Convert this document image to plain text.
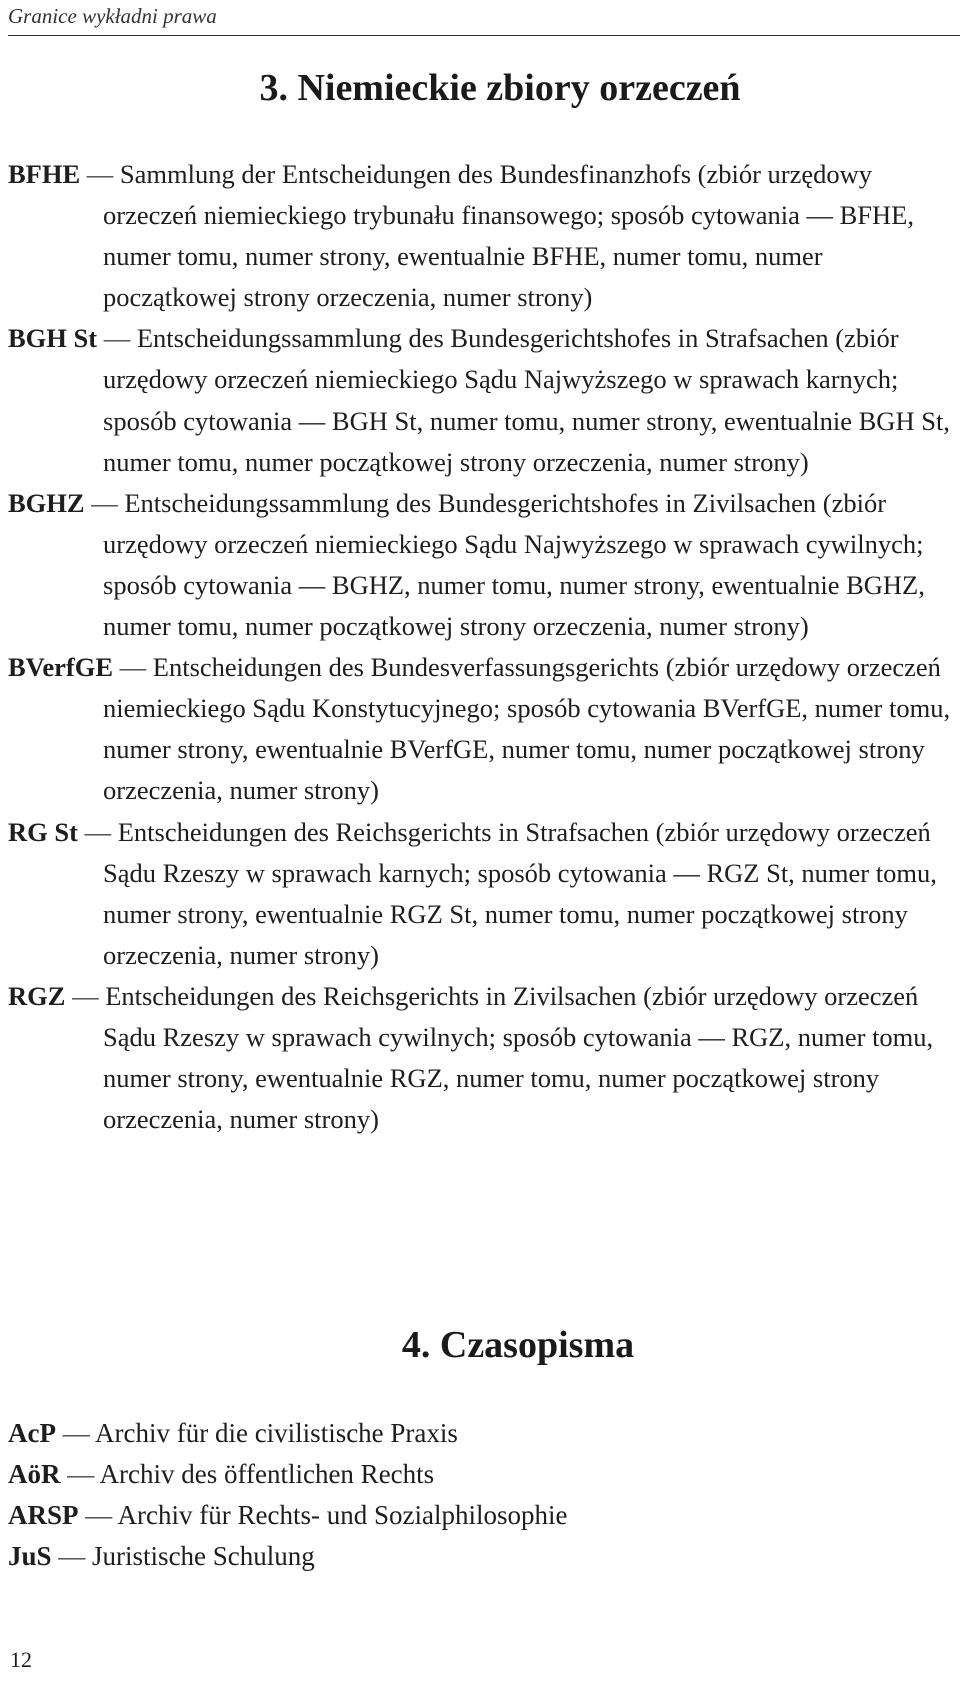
Granice wykładni prawa
3. Niemieckie zbiory orzeczeń

BFHE — Sammlung der Entscheidungen des Bundesfinanzhofs (zbiór urzędowy orzeczeń niemieckiego trybunału finansowego; sposób cytowania — BFHE, numer tomu, numer strony, ewentualnie BFHE, numer tomu, numer początkowej strony orzeczenia, numer strony)

BGH St — Entscheidungssammlung des Bundesgerichtshofes in Strafsachen (zbiór urzędowy orzeczeń niemieckiego Sądu Najwyższego w sprawach karnych; sposób cytowania — BGH St, numer tomu, numer strony, ewentualnie BGH St, numer tomu, numer początkowej strony orzeczenia, numer strony)

BGHZ — Entscheidungssammlung des Bundesgerichtshofes in Zivilsachen (zbiór urzędowy orzeczeń niemieckiego Sądu Najwyższego w sprawach cywilnych; sposób cytowania — BGHZ, numer tomu, numer strony, ewentualnie BGHZ, numer tomu, numer początkowej strony orzeczenia, numer strony)

BVerfGE — Entscheidungen des Bundesverfassungsgerichts (zbiór urzędowy orzeczeń niemieckiego Sądu Konstytucyjnego; sposób cytowania BVerfGE, numer tomu, numer strony, ewentualnie BVerfGE, numer tomu, numer początkowej strony orzeczenia, numer strony)

RG St — Entscheidungen des Reichsgerichts in Strafsachen (zbiór urzędowy orzeczeń Sądu Rzeszy w sprawach karnych; sposób cytowania — RGZ St, numer tomu, numer strony, ewentualnie RGZ St, numer tomu, numer początkowej strony orzeczenia, numer strony)

RGZ — Entscheidungen des Reichsgerichts in Zivilsachen (zbiór urzędowy orzeczeń Sądu Rzeszy w sprawach cywilnych; sposób cytowania — RGZ, numer tomu, numer strony, ewentualnie RGZ, numer tomu, numer początkowej strony orzeczenia, numer strony)

4. Czasopisma
AcP — Archiv für die civilistische Praxis
AöR — Archiv des öffentlichen Rechts
ARSP — Archiv für Rechts- und Sozialphilosophie
JuS — Juristische Schulung
12
